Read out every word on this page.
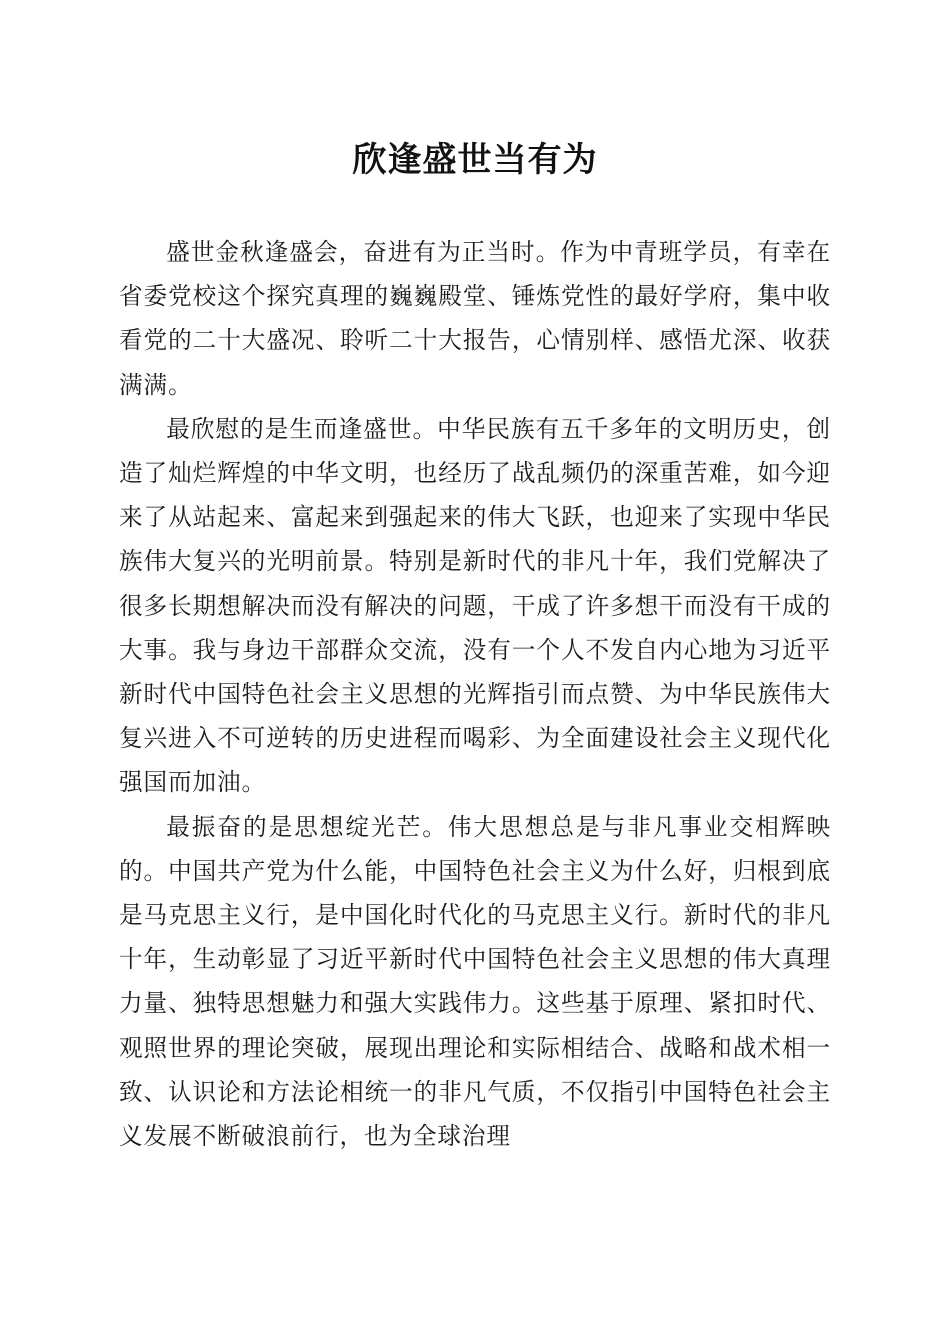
欣逢盛世当有为

盛世金秋逢盛会，奋进有为正当时。作为中青班学员，有幸在省委党校这个探究真理的巍巍殿堂、锤炼党性的最好学府，集中收看党的二十大盛况、聆听二十大报告，心情别样、感悟尤深、收获满满。

最欣慰的是生而逢盛世。中华民族有五千多年的文明历史，创造了灿烂辉煌的中华文明，也经历了战乱频仍的深重苦难，如今迎来了从站起来、富起来到强起来的伟大飞跃，也迎来了实现中华民族伟大复兴的光明前景。特别是新时代的非凡十年，我们党解决了很多长期想解决而没有解决的问题，干成了许多想干而没有干成的大事。我与身边干部群众交流，没有一个人不发自内心地为习近平新时代中国特色社会主义思想的光辉指引而点赞、为中华民族伟大复兴进入不可逆转的历史进程而喝彩、为全面建设社会主义现代化强国而加油。

最振奋的是思想绽光芒。伟大思想总是与非凡事业交相辉映的。中国共产党为什么能，中国特色社会主义为什么好，归根到底是马克思主义行，是中国化时代化的马克思主义行。新时代的非凡十年，生动彰显了习近平新时代中国特色社会主义思想的伟大真理力量、独特思想魅力和强大实践伟力。这些基于原理、紧扣时代、观照世界的理论突破，展现出理论和实际相结合、战略和战术相一致、认识论和方法论相统一的非凡气质，不仅指引中国特色社会主义发展不断破浪前行，也为全球治理
